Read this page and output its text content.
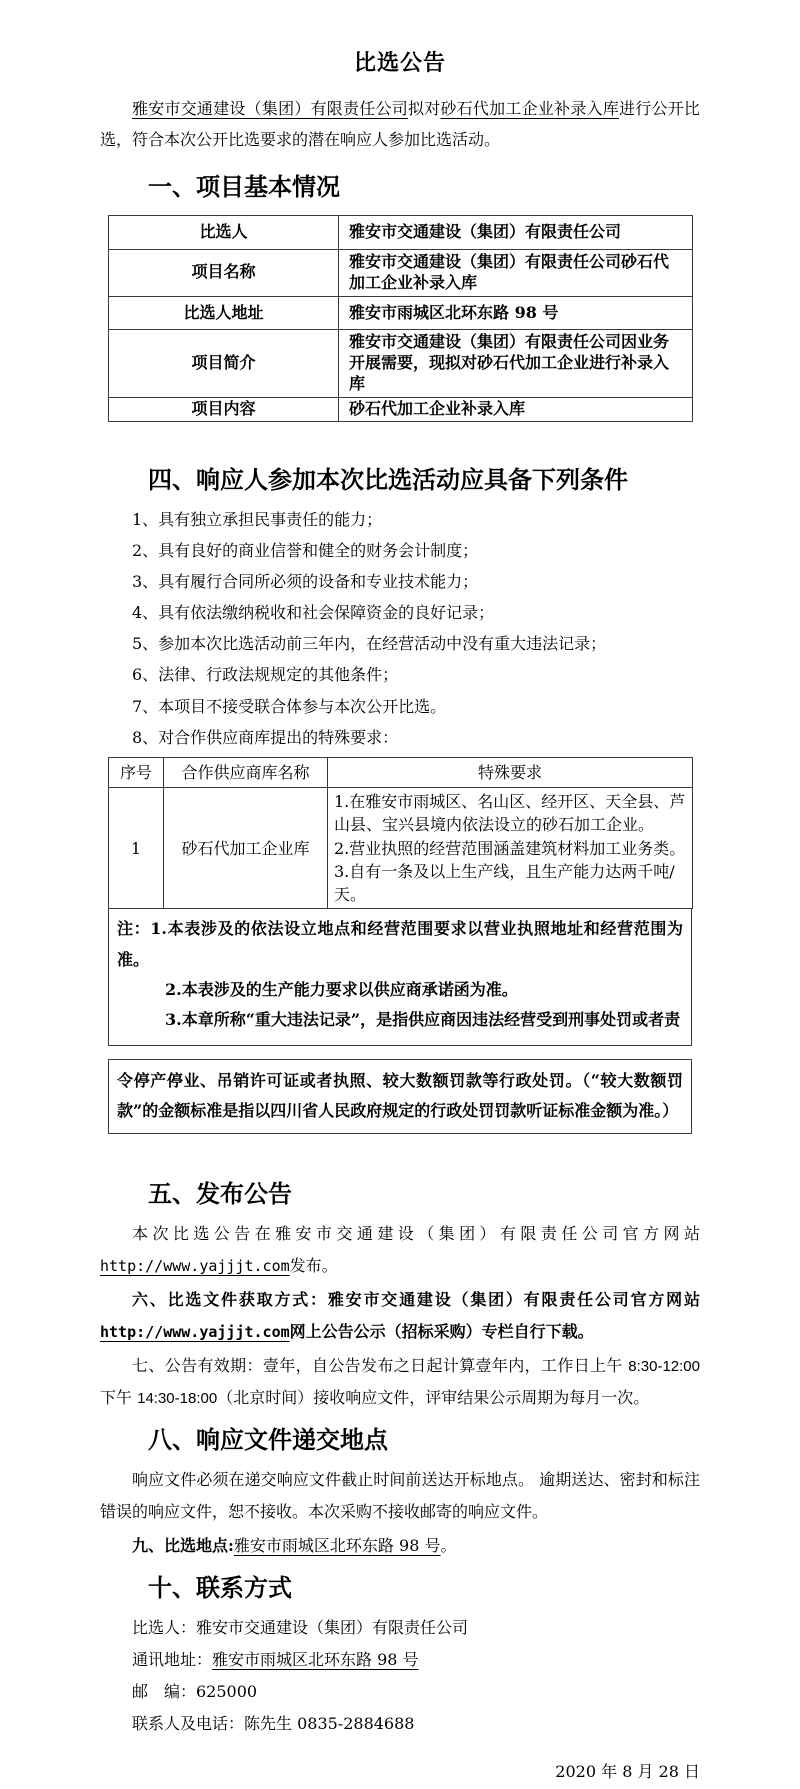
比选公告

雅安市交通建设（集团）有限责任公司拟对砂石代加工企业补录入库进行公开比选，符合本次公开比选要求的潜在响应人参加比选活动。

一、项目基本情况
比选人	雅安市交通建设（集团）有限责任公司
项目名称	雅安市交通建设（集团）有限责任公司砂石代加工企业补录入库
比选人地址	雅安市雨城区北环东路 98 号
项目简介	雅安市交通建设（集团）有限责任公司因业务开展需要，现拟对砂石代加工企业进行补录入库
项目内容	砂石代加工企业补录入库
四、响应人参加本次比选活动应具备下列条件

1、具有独立承担民事责任的能力；

2、具有良好的商业信誉和健全的财务会计制度；

3、具有履行合同所必须的设备和专业技术能力；

4、具有依法缴纳税收和社会保障资金的良好记录；

5、参加本次比选活动前三年内，在经营活动中没有重大违法记录；

6、法律、行政法规规定的其他条件；

7、本项目不接受联合体参与本次公开比选。

8、对合作供应商库提出的特殊要求：

序号	合作供应商库名称	特殊要求
1	砂石代加工企业库	1.在雅安市雨城区、名山区、经开区、天全县、芦山县、宝兴县境内依法设立的砂石加工企业。

2.营业执照的经营范围涵盖建筑材料加工业务类。

3.自有一条及以上生产线，且生产能力达两千吨/天。

注：1.本表涉及的依法设立地点和经营范围要求以营业执照地址和经营范围为准。

2.本表涉及的生产能力要求以供应商承诺函为准。

3.本章所称“重大违法记录”，是指供应商因违法经营受到刑事处罚或者责

令停产停业、吊销许可证或者执照、较大数额罚款等行政处罚。（“较大数额罚款”的金额标准是指以四川省人民政府规定的行政处罚罚款听证标准金额为准。）

五、发布公告

本次比选公告在雅安市交通建设（集团）有限责任公司官方网站http://www.yajjjt.com发布。

六、比选文件获取方式：雅安市交通建设（集团）有限责任公司官方网站http://www.yajjjt.com网上公告公示（招标采购）专栏自行下载。

七、公告有效期：壹年，自公告发布之日起计算壹年内，工作日上午 8:30-12:00 下午 14:30-18:00（北京时间）接收响应文件，评审结果公示周期为每月一次。

八、响应文件递交地点

响应文件必须在递交响应文件截止时间前送达开标地点。 逾期送达、密封和标注错误的响应文件，恕不接收。本次采购不接收邮寄的响应文件。

九、比选地点:雅安市雨城区北环东路 98 号。

十、联系方式

比选人：雅安市交通建设（集团）有限责任公司

通讯地址：雅安市雨城区北环东路 98 号

邮　编：625000

联系人及电话：陈先生 0835-2884688

2020 年 8 月 28 日
